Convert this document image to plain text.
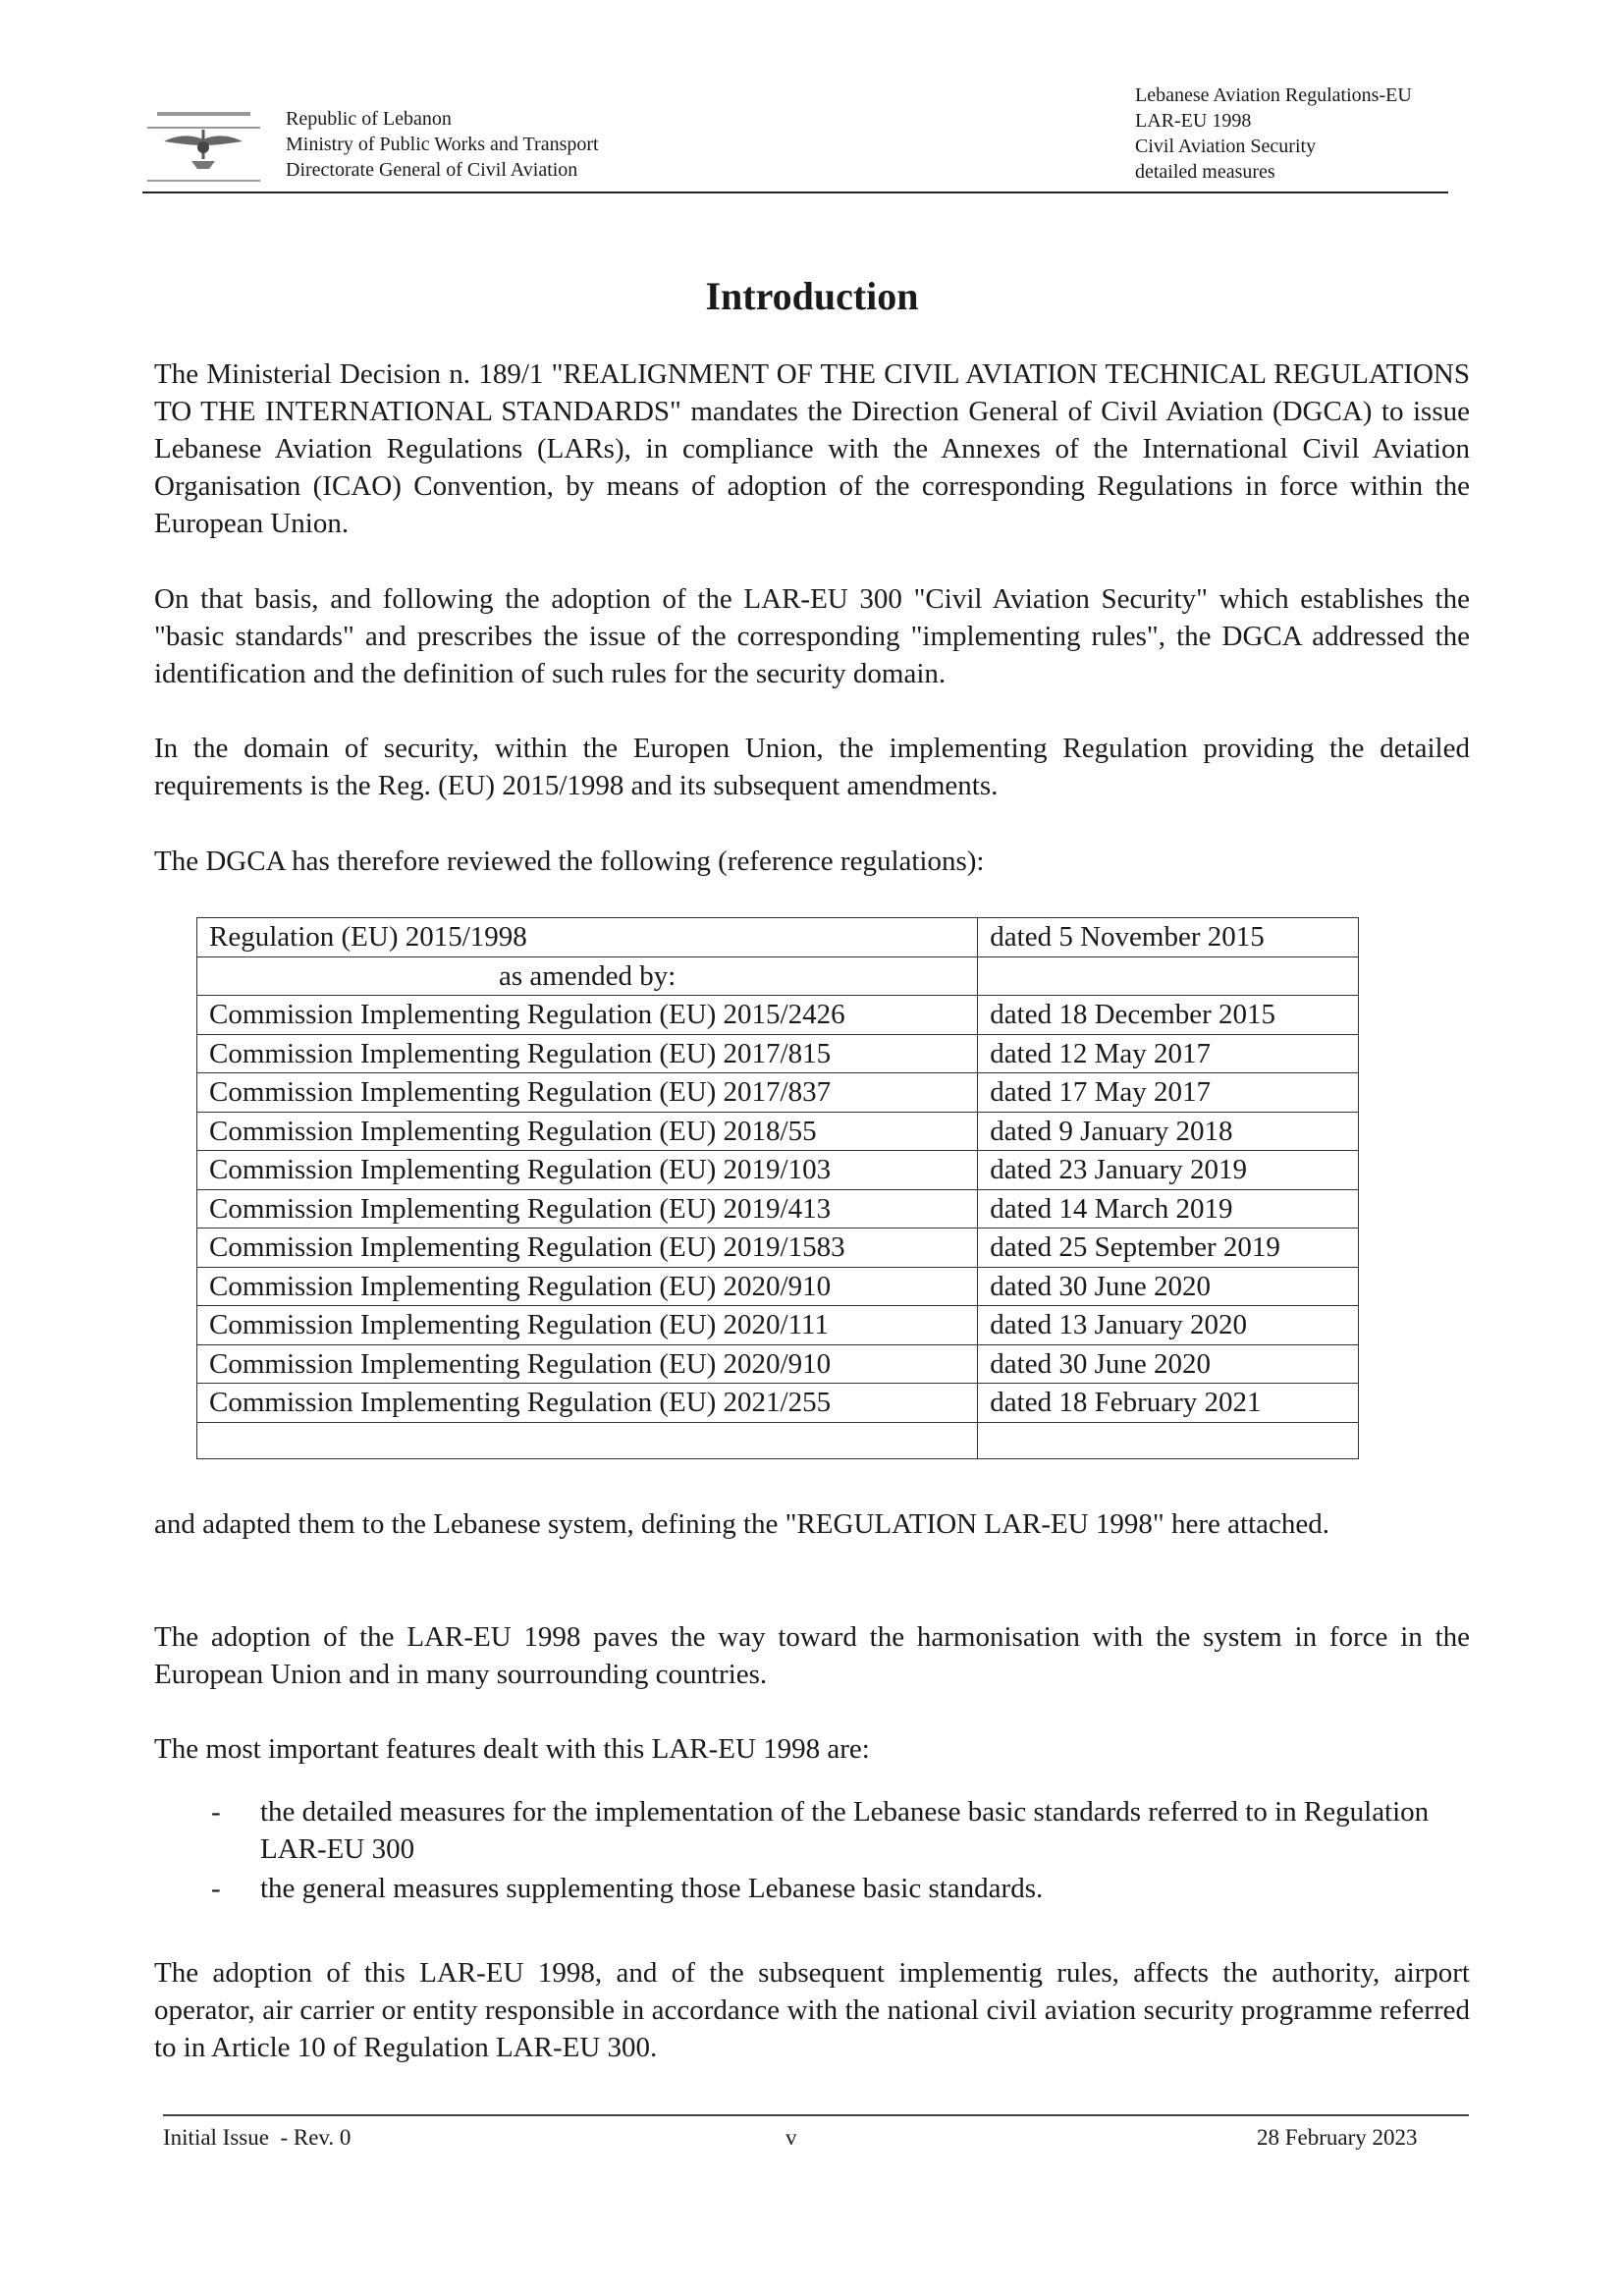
Republic of Lebanon
Ministry of Public Works and Transport
Directorate General of Civil Aviation
Lebanese Aviation Regulations-EU
LAR-EU 1998
Civil Aviation Security
detailed measures
Introduction
The Ministerial Decision n. 189/1 "REALIGNMENT OF THE CIVIL AVIATION TECHNICAL REGULATIONS TO THE INTERNATIONAL STANDARDS" mandates the Direction General of Civil Aviation (DGCA) to issue Lebanese Aviation Regulations (LARs), in compliance with the Annexes of the International Civil Aviation Organisation (ICAO) Convention, by means of adoption of the corresponding Regulations in force within the European Union.
On that basis, and following the adoption of the LAR-EU 300 "Civil Aviation Security" which establishes the "basic standards" and prescribes the issue of the corresponding "implementing rules", the DGCA addressed the identification and the definition of such rules for the security domain.
In the domain of security, within the Europen Union, the implementing Regulation providing the detailed requirements is the Reg. (EU) 2015/1998 and its subsequent amendments.
The DGCA has therefore reviewed the following (reference regulations):
Regulation (EU) 2015/1998	dated 5 November 2015
as amended by:	
Commission Implementing Regulation (EU) 2015/2426	dated 18 December 2015
Commission Implementing Regulation (EU) 2017/815	dated 12 May 2017
Commission Implementing Regulation (EU) 2017/837	dated 17 May 2017
Commission Implementing Regulation (EU) 2018/55	dated 9 January 2018
Commission Implementing Regulation (EU) 2019/103	dated 23 January 2019
Commission Implementing Regulation (EU) 2019/413	dated 14 March 2019
Commission Implementing Regulation (EU) 2019/1583	dated 25 September 2019
Commission Implementing Regulation (EU) 2020/910	dated 30 June 2020
Commission Implementing Regulation (EU) 2020/111	dated 13 January 2020
Commission Implementing Regulation (EU) 2020/910	dated 30 June 2020
Commission Implementing Regulation (EU) 2021/255	dated 18 February 2021

and adapted them to the Lebanese system, defining the "REGULATION LAR-EU 1998" here attached.
The adoption of the LAR-EU 1998 paves the way toward the harmonisation with the system in force in the European Union and in many sourrounding countries.
The most important features dealt with this LAR-EU 1998 are:
- the detailed measures for the implementation of the Lebanese basic standards referred to in Regulation LAR-EU 300
- the general measures supplementing those Lebanese basic standards.
The adoption of this LAR-EU 1998, and of the subsequent implementig rules, affects the authority, airport operator, air carrier or entity responsible in accordance with the national civil aviation security programme referred to in Article 10 of Regulation LAR-EU 300.
Initial Issue  - Rev. 0	v	28 February 2023
